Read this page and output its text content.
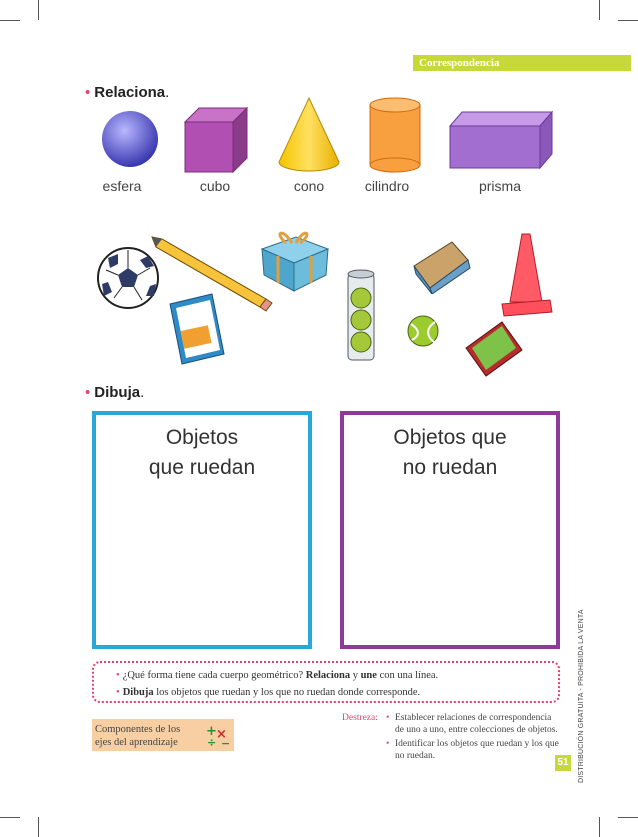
Correspondencia
• Relaciona.
esfera	cubo	cono	cilindro	prisma
• Dibuja.
Objetos
que ruedan
Objetos que
no ruedan
• ¿Qué forma tiene cada cuerpo geométrico? Relaciona y une con una línea.
• Dibuja los objetos que ruedan y los que no ruedan donde corresponde.
Componentes de los
ejes del aprendizaje
+ ×
÷ −
Destreza: • Establecer relaciones de correspondencia
de uno a uno, entre colecciones de objetos.
• Identificar los objetos que ruedan y los que
no ruedan.
51	DISTRIBUCIÓN GRATUITA - PROHIBIDA LA VENTA
